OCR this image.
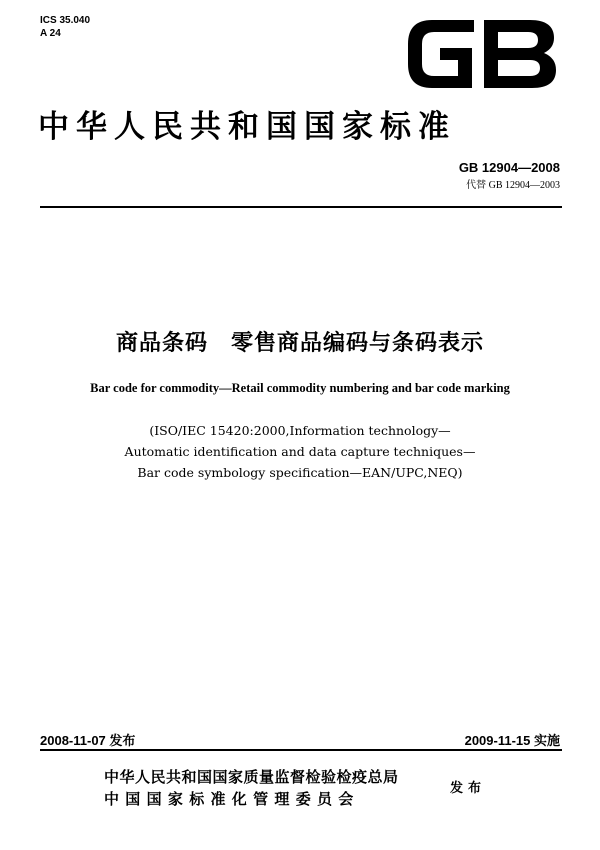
ICS 35.040
A 24
中华人民共和国国家标准
GB 12904—2008
代替 GB 12904—2003
商品条码　零售商品编码与条码表示
Bar code for commodity—Retail commodity numbering and bar code marking
(ISO/IEC 15420:2000,Information technology—
Automatic identification and data capture techniques—
Bar code symbology specification—EAN/UPC,NEQ)
2008-11-07 发布	2009-11-15 实施
中华人民共和国国家质量监督检验检疫总局
中国国家标准化管理委员会
发布
